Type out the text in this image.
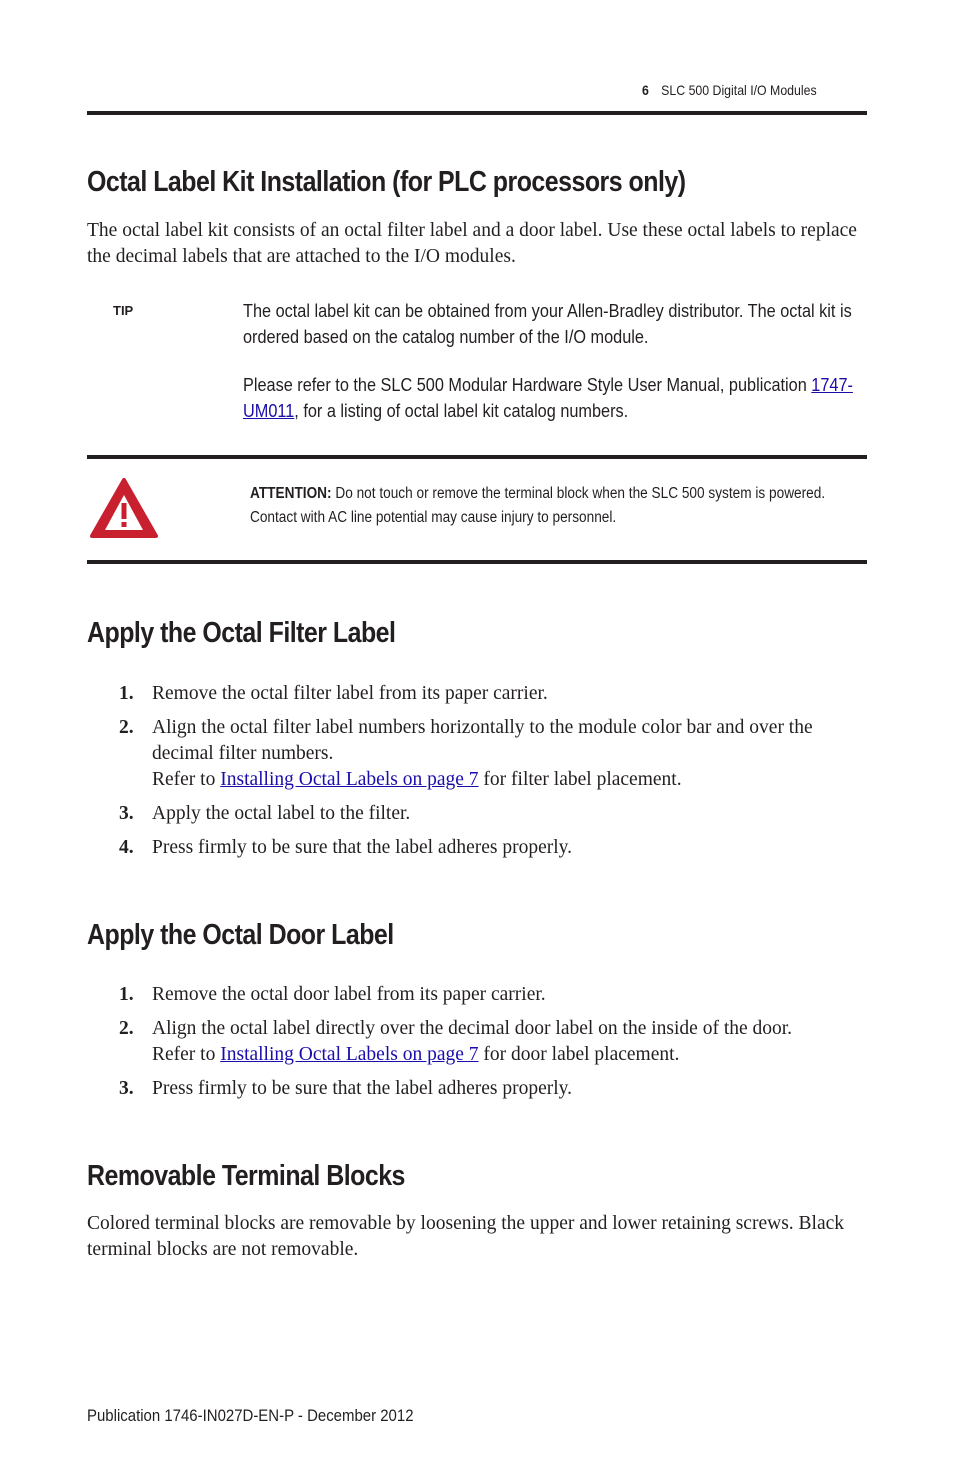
6 SLC 500 Digital I/O Modules
Octal Label Kit Installation (for PLC processors only)

The octal label kit consists of an octal filter label and a door label. Use these octal labels to replace the decimal labels that are attached to the I/O modules.

TIP	The octal label kit can be obtained from your Allen-Bradley distributor. The octal kit is ordered based on the catalog number of the I/O module.

Please refer to the SLC 500 Modular Hardware Style User Manual, publication 1747-UM011, for a listing of octal label kit catalog numbers.

ATTENTION: Do not touch or remove the terminal block when the SLC 500 system is powered. Contact with AC line potential may cause injury to personnel.

Apply the Octal Filter Label
1. Remove the octal filter label from its paper carrier.
2. Align the octal filter label numbers horizontally to the module color bar and over the decimal filter numbers.
Refer to Installing Octal Labels on page 7 for filter label placement.
3. Apply the octal label to the filter.
4. Press firmly to be sure that the label adheres properly.
Apply the Octal Door Label
1. Remove the octal door label from its paper carrier.
2. Align the octal label directly over the decimal door label on the inside of the door.
Refer to Installing Octal Labels on page 7 for door label placement.
3. Press firmly to be sure that the label adheres properly.
Removable Terminal Blocks

Colored terminal blocks are removable by loosening the upper and lower retaining screws. Black terminal blocks are not removable.

Publication 1746-IN027D-EN-P - December 2012
